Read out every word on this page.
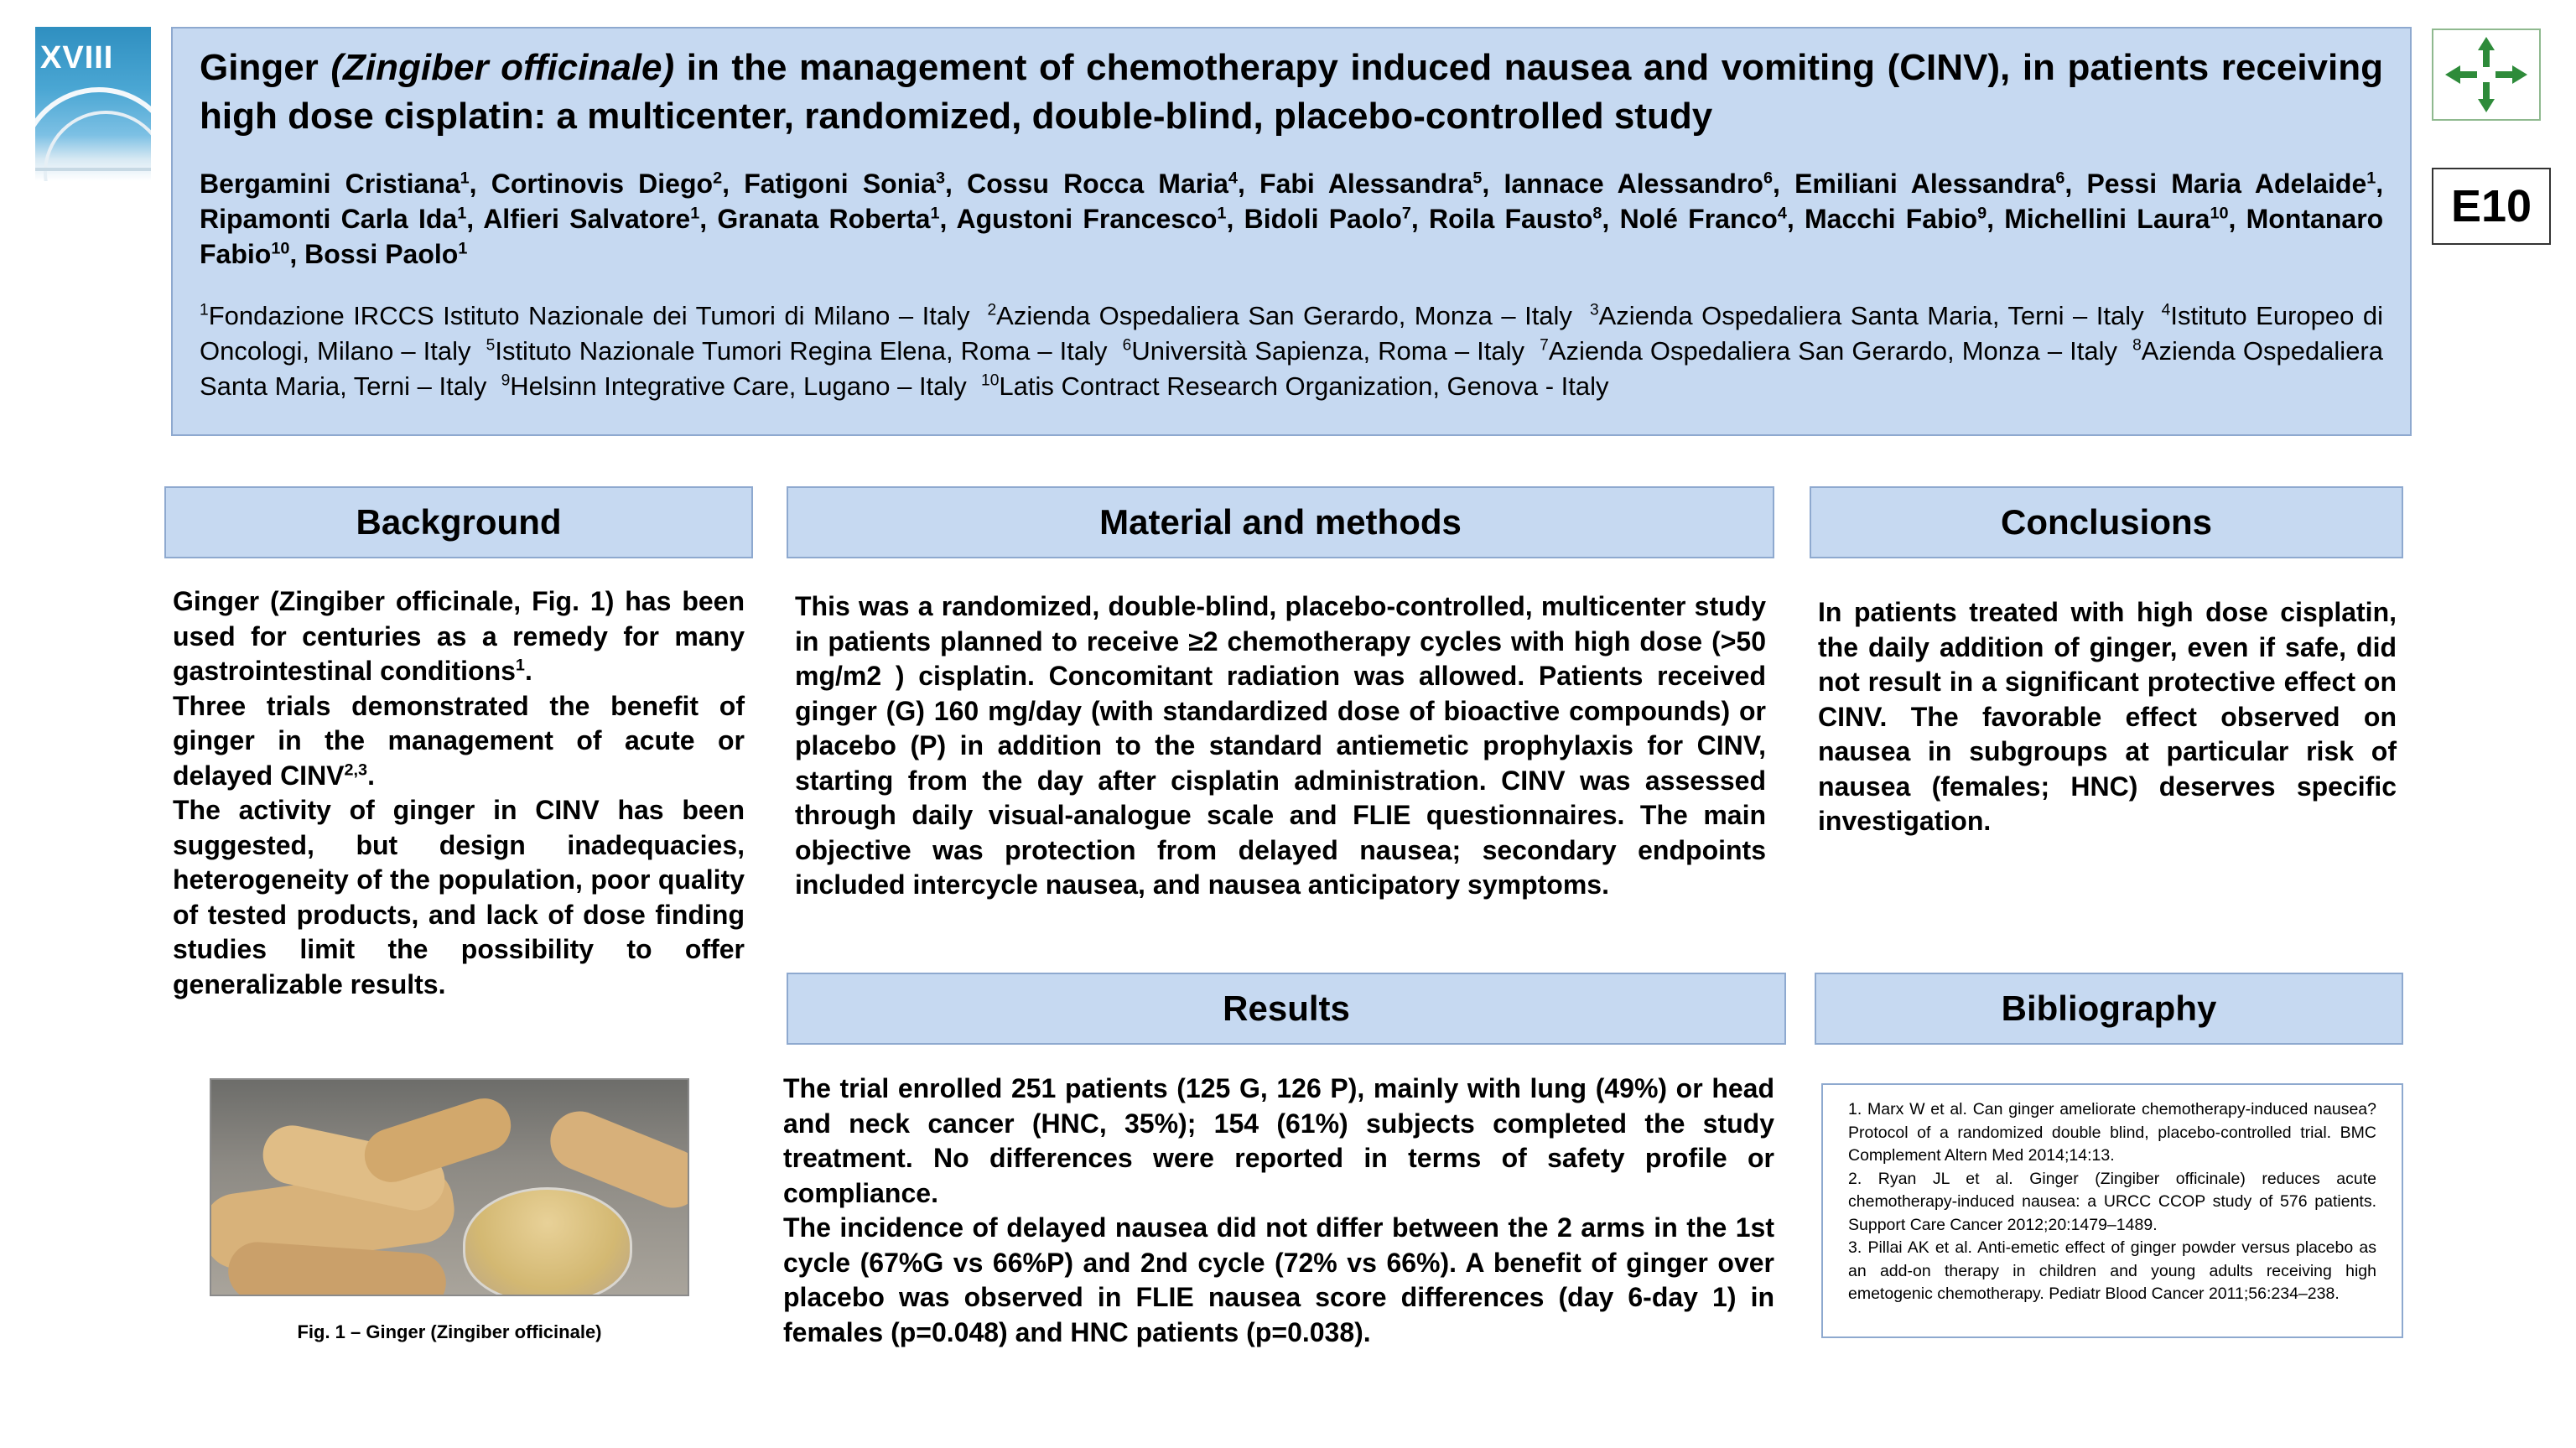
XVIII Ginger (Zingiber officinale) in the management of chemotherapy induced nausea and vomiting (CINV), in patients receiving high dose cisplatin: a multicenter, randomized, double-blind, placebo-controlled study

Bergamini Cristiana$^1$, Cortinovis Diego$^2$, Fatigoni Sonia$^3$, Cossu Rocca Maria$^4$, Fabi Alessandra$^5$, Iannace Alessandro$^6$, Emiliani Alessandra$^6$, Pessi Maria Adelaide$^1$, Ripamonti Carla Ida$^1$, Alfieri Salvatore$^1$, Granata Roberta$^1$, Agustoni Francesco$^1$, Bidoli Paolo$^7$, Roila Fausto$^8$, Nolé Franco$^4$, Macchi Fabio$^9$, Michellini Laura$^{10}$, Montanaro Fabio$^{10}$, Bossi Paolo$^1$

$^1$Fondazione IRCCS Istituto Nazionale dei Tumori di Milano – Italy $^2$Azienda Ospedaliera San Gerardo, Monza – Italy $^3$Azienda Ospedaliera Santa Maria, Terni – Italy $^4$Istituto Europeo di Oncologi, Milano – Italy $^5$Istituto Nazionale Tumori Regina Elena, Roma – Italy $^6$Università Sapienza, Roma – Italy $^7$Azienda Ospedaliera San Gerardo, Monza – Italy $^8$Azienda Ospedaliera Santa Maria, Terni – Italy $^9$Helsinn Integrative Care, Lugano – Italy $^{10}$Latis Contract Research Organization, Genova - Italy

E10
Background

Ginger (Zingiber officinale, Fig. 1) has been used for centuries as a remedy for many gastrointestinal conditions$^1$.

Three trials demonstrated the benefit of ginger in the management of acute or delayed CINV$^{2,3}$.

The activity of ginger in CINV has been suggested, but design inadequacies, heterogeneity of the population, poor quality of tested products, and lack of dose finding studies limit the possibility to offer generalizable results.

Material and methods

This was a randomized, double-blind, placebo-controlled, multicenter study in patients planned to receive ≥2 chemotherapy cycles with high dose (>50 mg/m2 ) cisplatin. Concomitant radiation was allowed. Patients received ginger (G) 160 mg/day (with standardized dose of bioactive compounds) or placebo (P) in addition to the standard antiemetic prophylaxis for CINV, starting from the day after cisplatin administration. CINV was assessed through daily visual-analogue scale and FLIE questionnaires. The main objective was protection from delayed nausea; secondary endpoints included intercycle nausea, and nausea anticipatory symptoms.

Conclusions

In patients treated with high dose cisplatin, the daily addition of ginger, even if safe, did not result in a significant protective effect on CINV. The favorable effect observed on nausea in subgroups at particular risk of nausea (females; HNC) deserves specific investigation.

Results

The trial enrolled 251 patients (125 G, 126 P), mainly with lung (49%) or head and neck cancer (HNC, 35%); 154 (61%) subjects completed the study treatment. No differences were reported in terms of safety profile or compliance.

The incidence of delayed nausea did not differ between the 2 arms in the 1st cycle (67%G vs 66%P) and 2nd cycle (72% vs 66%). A benefit of ginger over placebo was observed in FLIE nausea score differences (day 6-day 1) in females (p=0.048) and HNC patients (p=0.038).

Bibliography

1. Marx W et al. Can ginger ameliorate chemotherapy-induced nausea? Protocol of a randomized double blind, placebo-controlled trial. BMC Complement Altern Med 2014;14:13.

2. Ryan JL et al. Ginger (Zingiber officinale) reduces acute chemotherapy-induced nausea: a URCC CCOP study of 576 patients. Support Care Cancer 2012;20:1479–1489.

3. Pillai AK et al. Anti-emetic effect of ginger powder versus placebo as an add-on therapy in children and young adults receiving high emetogenic chemotherapy. Pediatr Blood Cancer 2011;56:234–238.

Fig. 1 – Ginger (Zingiber officinale)
